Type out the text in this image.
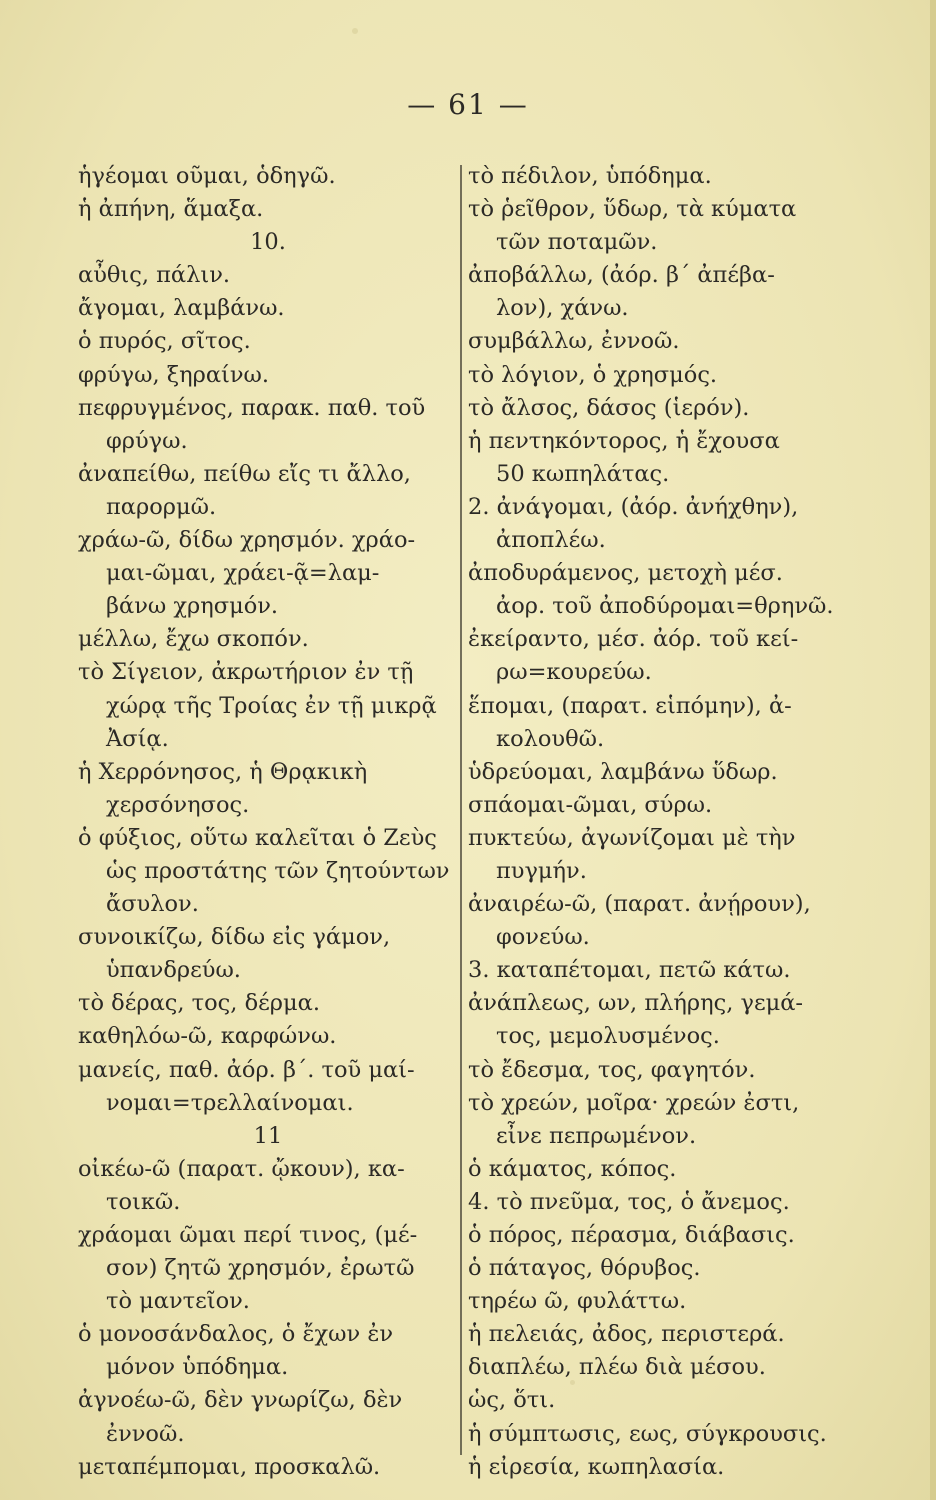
— 61 —
ἡγέομαι οῦμαι, ὁδηγῶ.
ἡ ἀπήνη, ἅμαξα.
10.
αὖθις, πάλιν.
ἄγομαι, λαμβάνω.
ὁ πυρός, σῖτος.
φρύγω, ξηραίνω.
πεφρυγμένος, παρακ. παθ. τοῦ
φρύγω.
ἀναπείθω, πείθω εἴς τι ἄλλο,
παρορμῶ.
χράω-ῶ, δίδω χρησμόν. χράο-
μαι-ῶμαι, χράει-ᾷ=λαμ-
βάνω χρησμόν.
μέλλω, ἔχω σκοπόν.
τὸ Σίγειον, ἀκρωτήριον ἐν τῇ
χώρᾳ τῆς Τροίας ἐν τῇ μικρᾷ
Ἀσίᾳ.
ἡ Χερρόνησος, ἡ Θρᾳκικὴ
χερσόνησος.
ὁ φύξιος, οὕτω καλεῖται ὁ Ζεὺς
ὡς προστάτης τῶν ζητούντων
ἄσυλον.
συνοικίζω, δίδω εἰς γάμον,
ὑπανδρεύω.
τὸ δέρας, τος, δέρμα.
καθηλόω-ῶ, καρφώνω.
μανείς, παθ. ἀόρ. β΄. τοῦ μαί-
νομαι=τρελλαίνομαι.
11
οἰκέω-ῶ (παρατ. ᾤκουν), κα-
τοικῶ.
χράομαι ῶμαι περί τινος, (μέ-
σον) ζητῶ χρησμόν, ἐρωτῶ
τὸ μαντεῖον.
ὁ μονοσάνδαλος, ὁ ἔχων ἐν
μόνον ὑπόδημα.
ἀγνοέω-ῶ, δὲν γνωρίζω, δὲν
ἐννοῶ.
μεταπέμπομαι, προσκαλῶ.
τὸ πέδιλον, ὑπόδημα.
τὸ ῥεῖθρον, ὕδωρ, τὰ κύματα
τῶν ποταμῶν.
ἀποβάλλω, (ἀόρ. β΄ ἀπέβα-
λον), χάνω.
συμβάλλω, ἐννοῶ.
τὸ λόγιον, ὁ χρησμός.
τὸ ἄλσος, δάσος (ἱερόν).
ἡ πεντηκόντορος, ἡ ἔχουσα
50 κωπηλάτας.
2. ἀνάγομαι, (ἀόρ. ἀνήχθην),
ἀποπλέω.
ἀποδυράμενος, μετοχὴ μέσ.
ἀορ. τοῦ ἀποδύρομαι=θρηνῶ.
ἐκείραντο, μέσ. ἀόρ. τοῦ κεί-
ρω=κουρεύω.
ἕπομαι, (παρατ. εἱπόμην), ἀ-
κολουθῶ.
ὑδρεύομαι, λαμβάνω ὕδωρ.
σπάομαι-ῶμαι, σύρω.
πυκτεύω, ἀγωνίζομαι μὲ τὴν
πυγμήν.
ἀναιρέω-ῶ, (παρατ. ἀνῄρουν),
φονεύω.
3. καταπέτομαι, πετῶ κάτω.
ἀνάπλεως, ων, πλήρης, γεμά-
τος, μεμολυσμένος.
τὸ ἔδεσμα, τος, φαγητόν.
τὸ χρεών, μοῖρα· χρεών ἐστι,
εἶνε πεπρωμένον.
ὁ κάματος, κόπος.
4. τὸ πνεῦμα, τος, ὁ ἄνεμος.
ὁ πόρος, πέρασμα, διάβασις.
ὁ πάταγος, θόρυβος.
τηρέω ῶ, φυλάττω.
ἡ πελειάς, ἀδος, περιστερά.
διαπλέω, πλέω διὰ μέσου.
ὡς, ὅτι.
ἡ σύμπτωσις, εως, σύγκρουσις.
ἡ εἰρεσία, κωπηλασία.
